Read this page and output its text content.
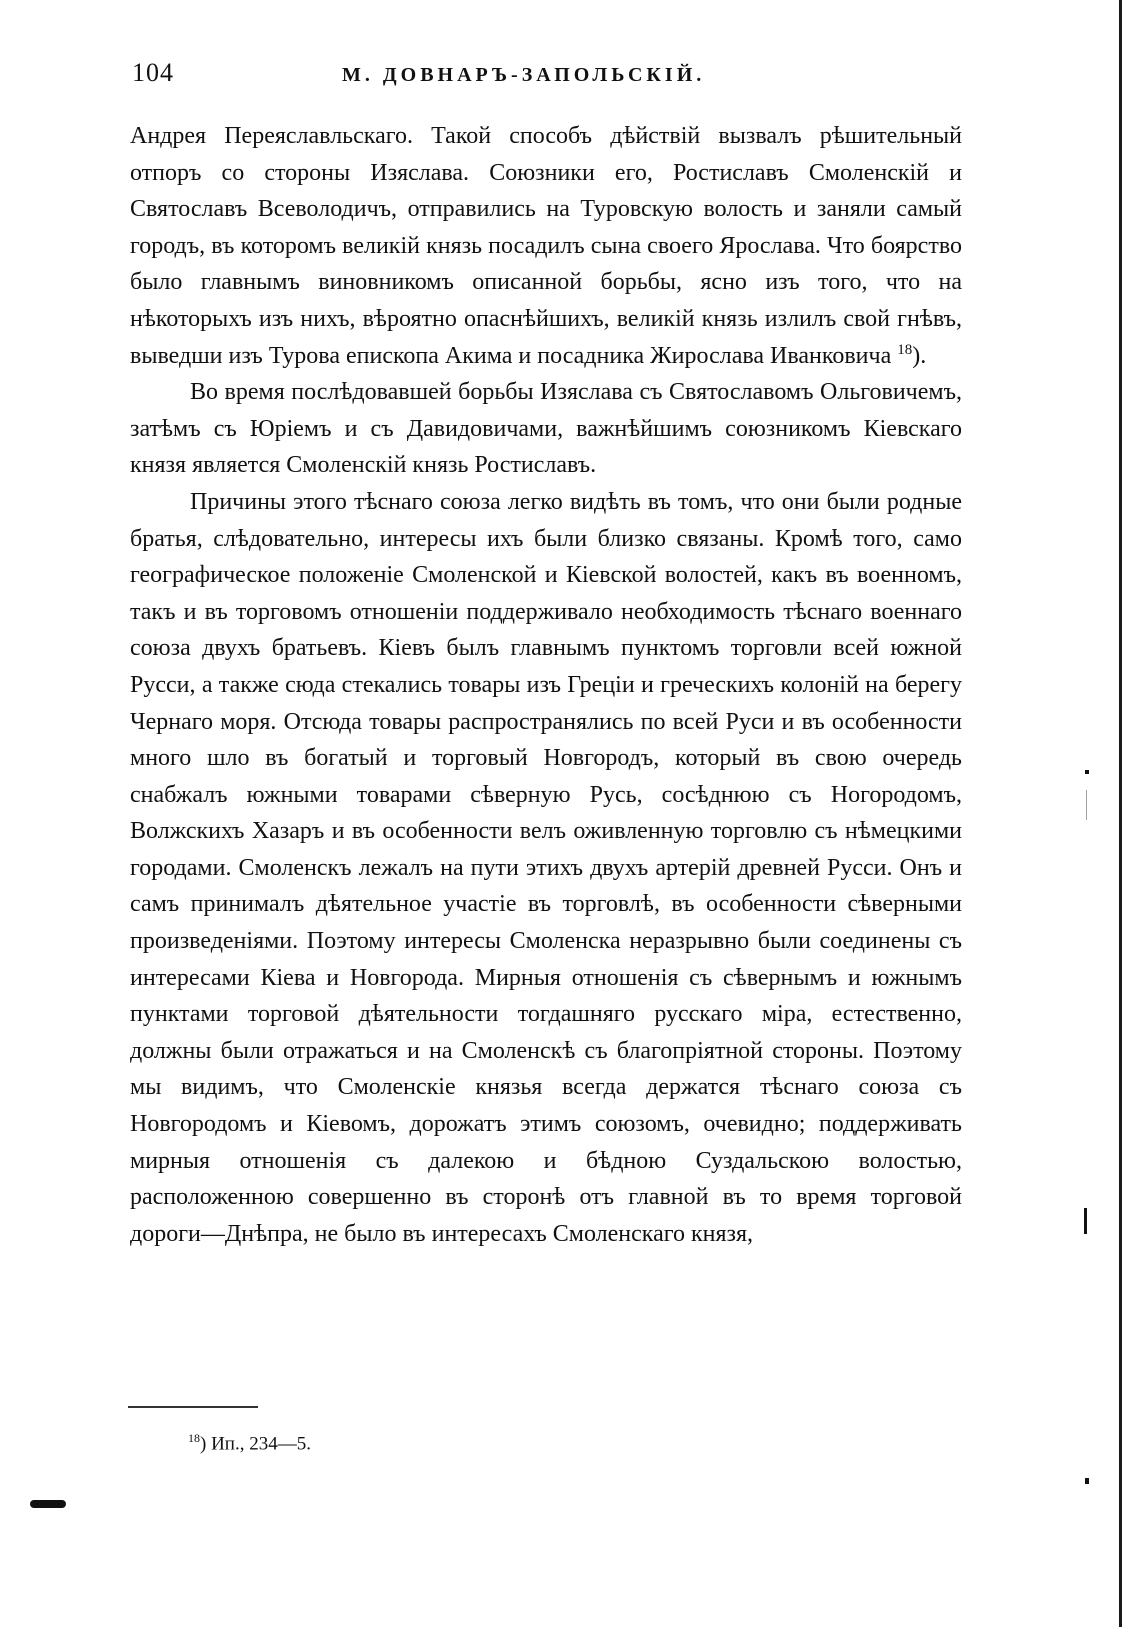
104	М. ДОВНАРЪ-ЗАПОЛЬСКІЙ.

Андрея Переяславльскаго. Такой способъ дѣйствій вызвалъ рѣшительный отпоръ со стороны Изяслава. Союзники его, Ростиславъ Смоленскій и Святославъ Всеволодичъ, отправились на Туровскую волость и заняли самый городъ, въ которомъ великій князь посадилъ сына своего Ярослава. Что боярство было главнымъ виновникомъ описанной борьбы, ясно изъ того, что на нѣкоторыхъ изъ нихъ, вѣроятно опаснѣйшихъ, великій князь излилъ свой гнѣвъ, выведши изъ Турова епископа Акима и посадника Жирослава Иванковича $^{18}$).

Во время послѣдовавшей борьбы Изяслава съ Святославомъ Ольговичемъ, затѣмъ съ Юріемъ и съ Давидовичами, важнѣйшимъ союзникомъ Кіевскаго князя является Смоленскій князь Ростиславъ.

Причины этого тѣснаго союза легко видѣть въ томъ, что они были родные братья, слѣдовательно, интересы ихъ были близко связаны. Кромѣ того, само географическое положеніе Смоленской и Кіевской волостей, какъ въ военномъ, такъ и въ торговомъ отношеніи поддерживало необходимость тѣснаго военнаго союза двухъ братьевъ. Кіевъ былъ главнымъ пунктомъ торговли всей южной Русси, а также сюда стекались товары изъ Греціи и греческихъ колоній на берегу Чернаго моря. Отсюда товары распространялись по всей Руси и въ особенности много шло въ богатый и торговый Новгородъ, который въ свою очередь снабжалъ южными товарами сѣверную Русь, сосѣднюю съ Ногородомъ, Волжскихъ Хазаръ и въ особенности велъ оживленную торговлю съ нѣмецкими городами. Смоленскъ лежалъ на пути этихъ двухъ артерій древней Русси. Онъ и самъ принималъ дѣятельное участіе въ торговлѣ, въ особенности сѣверными произведеніями. Поэтому интересы Смоленска неразрывно были соединены съ интересами Кіева и Новгорода. Мирныя отношенія съ сѣвернымъ и южнымъ пунктами торговой дѣятельности тогдашняго русскаго міра, естественно, должны были отражаться и на Смоленскѣ съ благопріятной стороны. Поэтому мы видимъ, что Смоленскіе князья всегда держатся тѣснаго союза съ Новгородомъ и Кіевомъ, дорожатъ этимъ союзомъ, очевидно; поддерживать мирныя отношенія съ далекою и бѣдною Суздальскою волостью, расположенною совершенно въ сторонѣ отъ главной въ то время торговой дороги—Днѣпра, не было въ интересахъ Смоленскаго князя,

$^{18}$) Ип., 234—5.
